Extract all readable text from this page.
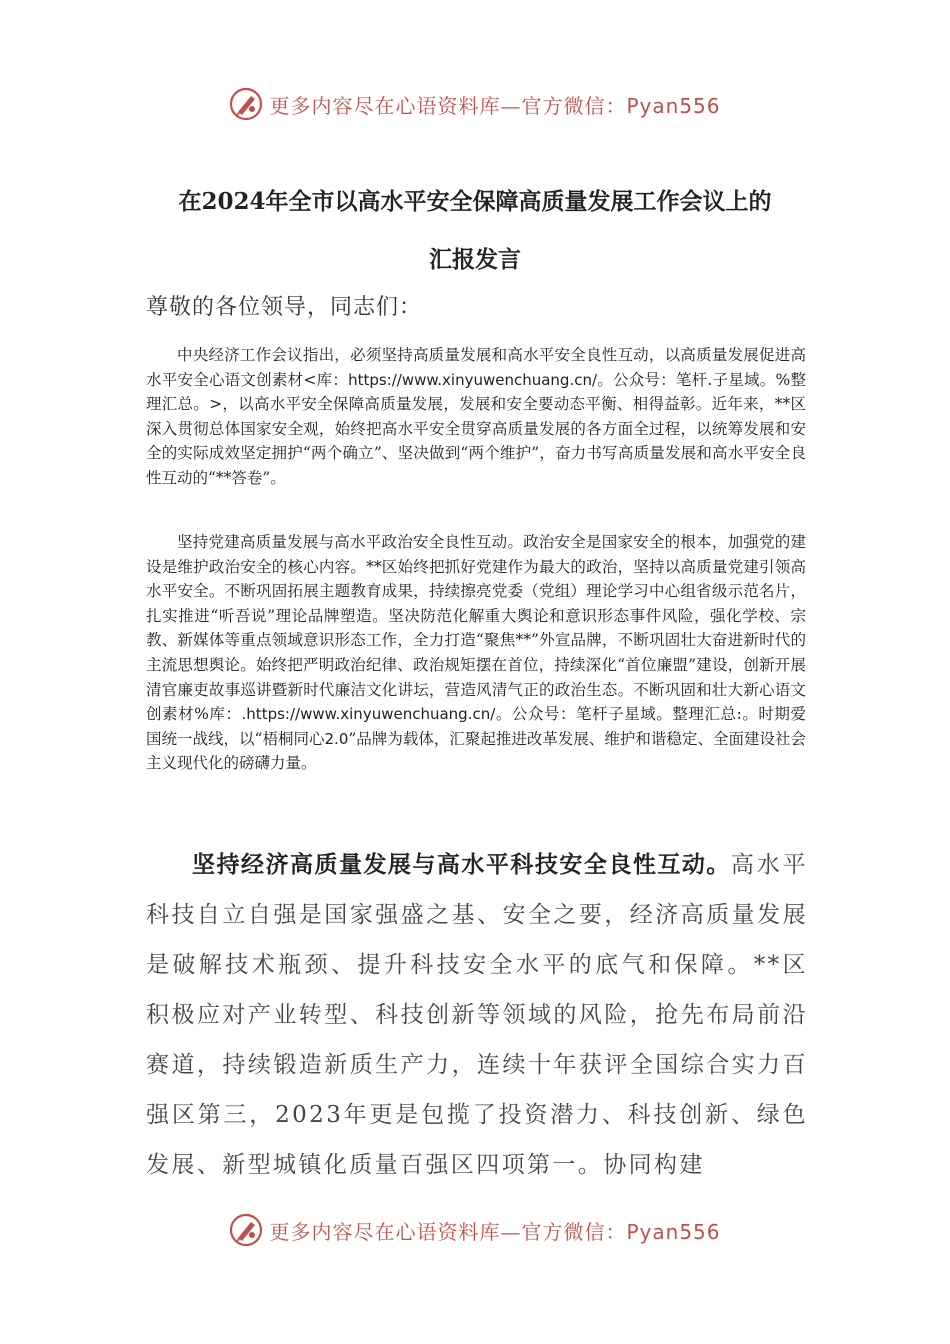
更多内容尽在心语资料库—官方微信：Pyan556
在2024年全市以高水平安全保障高质量发展工作会议上的
汇报发言
尊敬的各位领导，同志们：
中央经济工作会议指出，必须坚持高质量发展和高水平安全良性互动，以高质量发展促进高水平安全心语文创素材<库：https://www.xinyuwenchuang.cn/。公众号：笔杆.子星域。%整理汇总。>，以高水平安全保障高质量发展，发展和安全要动态平衡、相得益彰。近年来，**区深入贯彻总体国家安全观，始终把高水平安全贯穿高质量发展的各方面全过程，以统筹发展和安全的实际成效坚定拥护“两个确立”、坚决做到“两个维护”，奋力书写高质量发展和高水平安全良性互动的“**答卷”。
坚持党建高质量发展与高水平政治安全良性互动。政治安全是国家安全的根本，加强党的建设是维护政治安全的核心内容。**区始终把抓好党建作为最大的政治，坚持以高质量党建引领高水平安全。不断巩固拓展主题教育成果，持续擦亮党委（党组）理论学习中心组省级示范名片，扎实推进“听吾说”理论品牌塑造。坚决防范化解重大舆论和意识形态事件风险，强化学校、宗教、新媒体等重点领域意识形态工作，全力打造“聚焦**”外宣品牌，不断巩固壮大奋进新时代的主流思想舆论。始终把严明政治纪律、政治规矩摆在首位，持续深化“首位廉盟”建设，创新开展清官廉吏故事巡讲暨新时代廉洁文化讲坛，营造风清气正的政治生态。不断巩固和壮大新心语文创素材%库：.https://www.xinyuwenchuang.cn/。公众号：笔杆子星域。整理汇总:。时期爱国统一战线，以“梧桐同心2.0”品牌为载体，汇聚起推进改革发展、维护和谐稳定、全面建设社会主义现代化的磅礴力量。
坚持经济高质量发展与高水平科技安全良性互动。高水平科技自立自强是国家强盛之基、安全之要，经济高质量发展是破解技术瓶颈、提升科技安全水平的底气和保障。**区积极应对产业转型、科技创新等领域的风险，抢先布局前沿赛道，持续锻造新质生产力，连续十年获评全国综合实力百强区第三，2023年更是包揽了投资潜力、科技创新、绿色发展、新型城镇化质量百强区四项第一。协同构建
更多内容尽在心语资料库—官方微信：Pyan556
